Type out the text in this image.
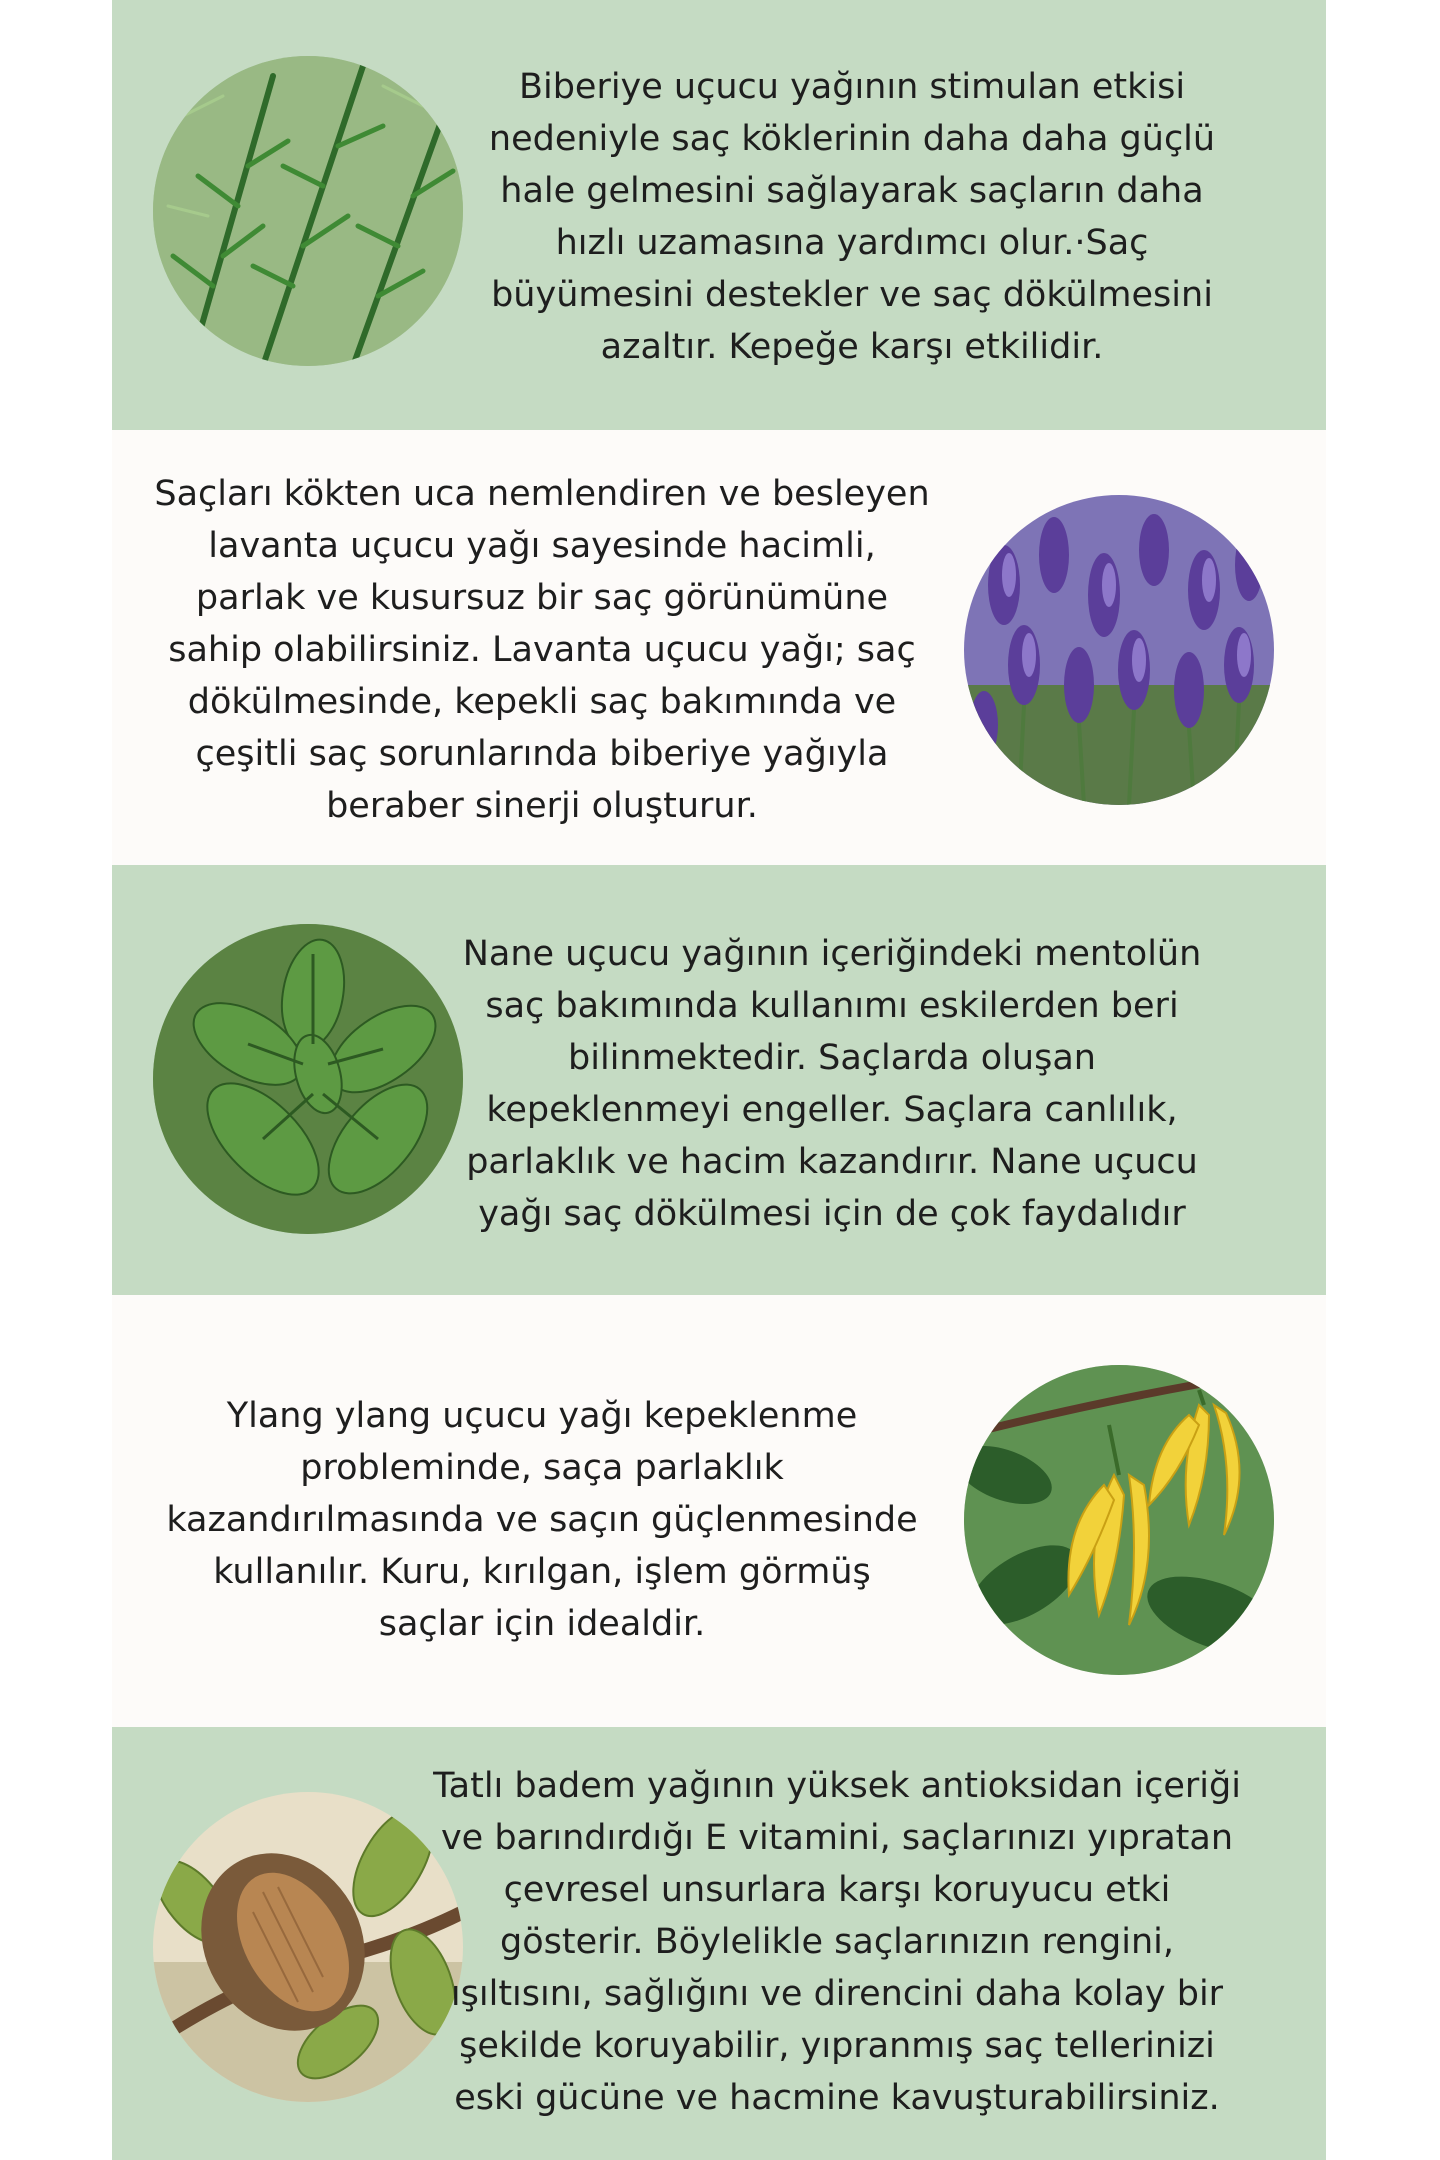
Biberiye uçucu yağının stimulan etkisi
nedeniyle saç köklerinin daha daha güçlü
hale gelmesini sağlayarak saçların daha
hızlı uzamasına yardımcı olur.·Saç
büyümesini destekler ve saç dökülmesini
azaltır. Kepeğe karşı etkilidir.

Saçları kökten uca nemlendiren ve besleyen
lavanta uçucu yağı sayesinde hacimli,
parlak ve kusursuz bir saç görünümüne
sahip olabilirsiniz. Lavanta uçucu yağı; saç
dökülmesinde, kepekli saç bakımında ve
çeşitli saç sorunlarında biberiye yağıyla
beraber sinerji oluşturur.

Nane uçucu yağının içeriğindeki mentolün
saç bakımında kullanımı eskilerden beri
bilinmektedir. Saçlarda oluşan
kepeklenmeyi engeller. Saçlara canlılık,
parlaklık ve hacim kazandırır. Nane uçucu
yağı saç dökülmesi için de çok faydalıdır

Ylang ylang uçucu yağı kepeklenme
probleminde, saça parlaklık
kazandırılmasında ve saçın güçlenmesinde
kullanılır. Kuru, kırılgan, işlem görmüş
saçlar için idealdir.

Tatlı badem yağının yüksek antioksidan içeriği
ve barındırdığı E vitamini, saçlarınızı yıpratan
çevresel unsurlara karşı koruyucu etki
gösterir. Böylelikle saçlarınızın rengini,
ışıltısını, sağlığını ve direncini daha kolay bir
şekilde koruyabilir, yıpranmış saç tellerinizi
eski gücüne ve hacmine kavuşturabilirsiniz.
